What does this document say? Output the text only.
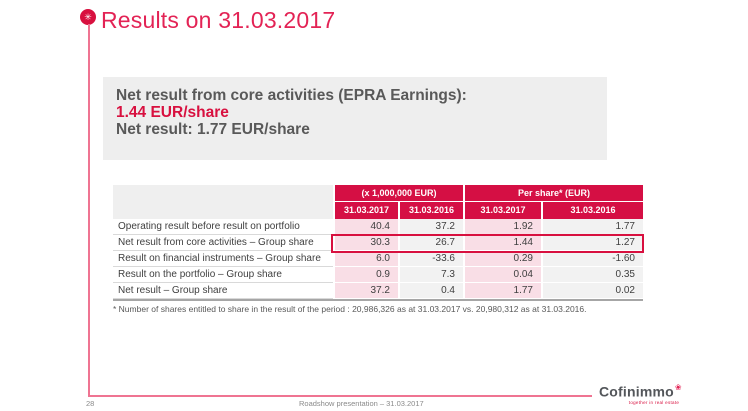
✳ Results on 31.03.2017
Net result from core activities (EPRA Earnings):
1.44 EUR/share
Net result: 1.77 EUR/share
(x 1,000,000 EUR)	Per share* (EUR)
31.03.2017	31.03.2016	31.03.2017	31.03.2016
Operating result before result on portfolio	40.4	37.2	1.92	1.77
Net result from core activities – Group share	30.3	26.7	1.44	1.27
Result on financial instruments – Group share	6.0	-33.6	0.29	-1.60
Result on the portfolio – Group share	0.9	7.3	0.04	0.35
Net result – Group share	37.2	0.4	1.77	0.02
* Number of shares entitled to share in the result of the period : 20,986,326 as at 31.03.2017 vs. 20,980,312 as at 31.03.2016.
28	Roadshow presentation – 31.03.2017
Cofinimmo❀
together in real estate
